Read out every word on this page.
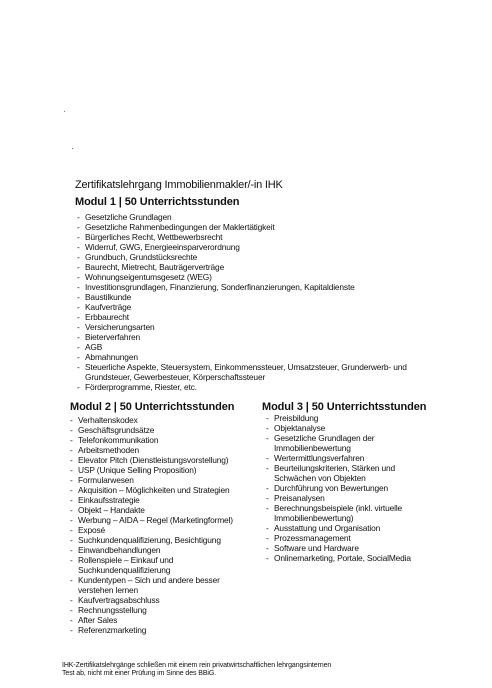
Zertifikatslehrgang Immobilienmakler/-in IHK
Modul 1 | 50 Unterrichtsstunden
- Gesetzliche Grundlagen
- Gesetzliche Rahmenbedingungen der Maklertätigkeit
- Bürgerliches Recht, Wettbewerbsrecht
- Widerruf, GWG, Energieeinsparverordnung
- Grundbuch, Grundstücksrechte
- Baurecht, Mietrecht, Bauträgerverträge
- Wohnungseigentumsgesetz (WEG)
- Investitionsgrundlagen, Finanzierung, Sonderfinanzierungen, Kapitaldienste
- Baustilkunde
- Kaufverträge
- Erbbaurecht
- Versicherungsarten
- Bieterverfahren
- AGB
- Abmahnungen
- Steuerliche Aspekte, Steuersystem, Einkommenssteuer, Umsatzsteuer, Grunderwerb- und Grundsteuer, Gewerbesteuer, Körperschaftssteuer
- Förderprogramme, Riester, etc.
Modul 2 | 50 Unterrichtsstunden
- Verhaltenskodex
- Geschäftsgrundsätze
- Telefonkommunikation
- Arbeitsmethoden
- Elevator Pitch (Dienstleistungsvorstellung)
- USP (Unique Selling Proposition)
- Formularwesen
- Akquisition – Möglichkeiten und Strategien
- Einkaufsstrategie
- Objekt – Handakte
- Werbung – AIDA – Regel (Marketingformel)
- Exposé
- Suchkundenqualifizierung, Besichtigung
- Einwandbehandlungen
- Rollenspiele – Einkauf und Suchkundenqualifizierung
- Kundentypen – Sich und andere besser verstehen lernen
- Kaufvertragsabschluss
- Rechnungsstellung
- After Sales
- Referenzmarketing
Modul 3 | 50 Unterrichtsstunden
- Preisbildung
- Objektanalyse
- Gesetzliche Grundlagen der Immobilienbewertung
- Wertermittlungsverfahren
- Beurteilungskriterien, Stärken und Schwächen von Objekten
- Durchführung von Bewertungen
- Preisanalysen
- Berechnungsbeispiele (inkl. virtuelle Immobilienbewertung)
- Ausstattung und Organisation
- Prozessmanagement
- Software und Hardware
- Onlinemarketing, Portale, SocialMedia
IHK-Zertifikatslehrgänge schließen mit einem rein privatwirtschaftlichen lehrgangsinternen
Test ab, nicht mit einer Prüfung im Sinne des BBiG.
